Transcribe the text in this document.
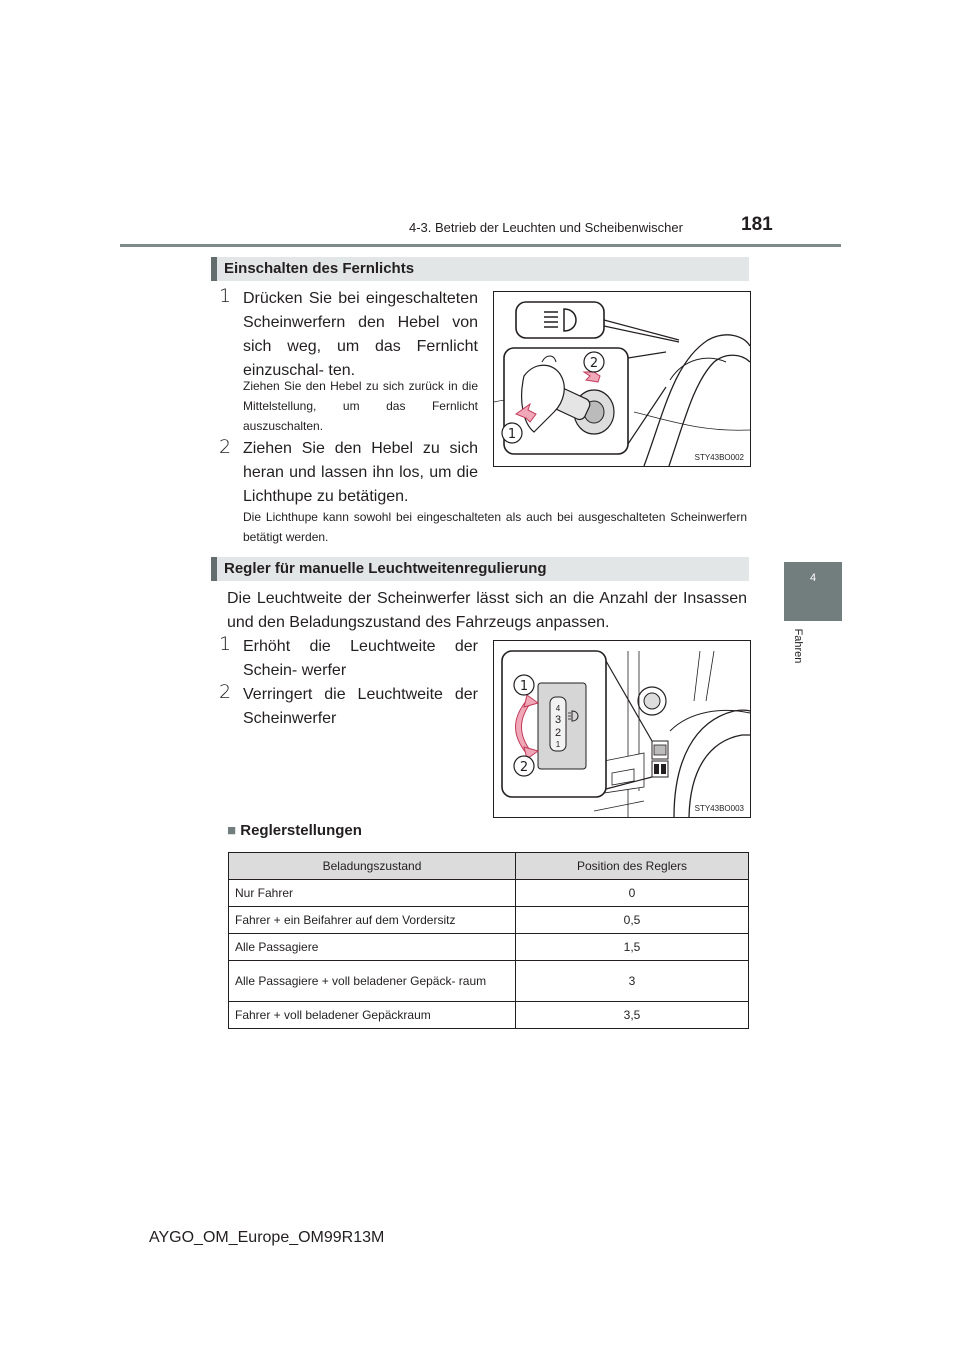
4-3. Betrieb der Leuchten und Scheibenwischer	181
4
Fahren
Einschalten des Fernlichts
1 Drücken Sie bei eingeschalteten Scheinwerfern den Hebel von sich weg, um das Fernlicht einzuschal- ten.
Ziehen Sie den Hebel zu sich zurück in die Mittelstellung, um das Fernlicht auszuschalten.
2 Ziehen Sie den Hebel zu sich heran und lassen ihn los, um die Lichthupe zu betätigen.
Die Lichthupe kann sowohl bei eingeschalteten als auch bei ausgeschalteten Scheinwerfern betätigt werden.
2
1
STY43BO002
Regler für manuelle Leuchtweitenregulierung
Die Leuchtweite der Scheinwerfer lässt sich an die Anzahl der Insassen und den Beladungszustand des Fahrzeugs anpassen.
1 Erhöht die Leuchtweite der Schein- werfer
2 Verringert die Leuchtweite der Scheinwerfer
4
3
2
1
1
2
STY43BO003
■ Reglerstellungen
Beladungszustand	Position des Reglers
Nur Fahrer	0
Fahrer + ein Beifahrer auf dem Vordersitz	0,5
Alle Passagiere	1,5
Alle Passagiere + voll beladener Gepäck- raum	3
Fahrer + voll beladener Gepäckraum	3,5
AYGO_OM_Europe_OM99R13M
